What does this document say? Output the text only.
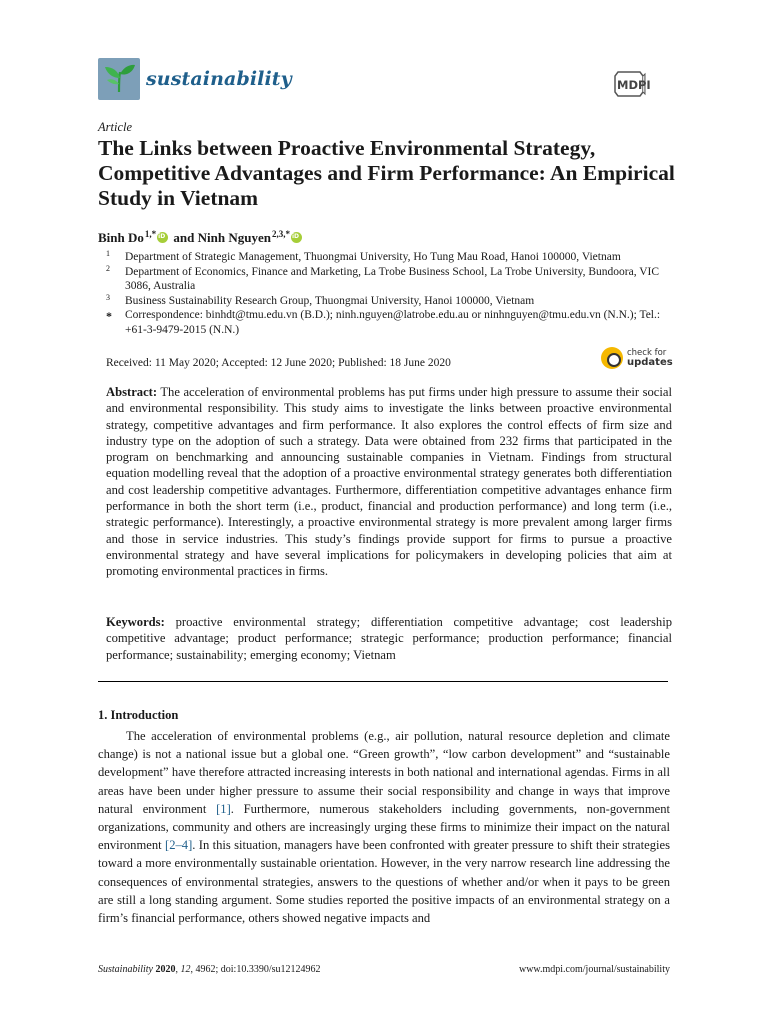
sustainability	MDPI
Article
The Links between Proactive Environmental Strategy, Competitive Advantages and Firm Performance: An Empirical Study in Vietnam
Binh $Do^{1,*}iD$ and Ninh Nguyen$^{2,3,*}$iD
1 Department of Strategic Management, Thuongmai University, Ho Tung Mau Road, Hanoi 100000, Vietnam
2 Department of Economics, Finance and Marketing, La Trobe Business School, La Trobe University, Bundoora, VIC 3086, Australia
3 Business Sustainability Research Group, Thuongmai University, Hanoi 100000, Vietnam
* Correspondence: binhdt@tmu.edu.vn (B.D.); ninh.nguyen@latrobe.edu.au or ninhnguyen@tmu.edu.vn (N.N.); Tel.: +61-3-9479-2015 (N.N.)
Received: 11 May 2020; Accepted: 12 June 2020; Published: 18 June 2020
check for
updates
Abstract: The acceleration of environmental problems has put firms under high pressure to assume their social and environmental responsibility. This study aims to investigate the links between proactive environmental strategy, competitive advantages and firm performance. It also explores the control effects of firm size and industry type on the adoption of such a strategy. Data were obtained from 232 firms that participated in the program on benchmarking and announcing sustainable companies in Vietnam. Findings from structural equation modelling reveal that the adoption of a proactive environmental strategy generates both differentiation and cost leadership competitive advantages. Furthermore, differentiation competitive advantages enhance firm performance in both the short term (i.e., product, financial and production performance) and long term (i.e., strategic performance). Interestingly, a proactive environmental strategy is more prevalent among larger firms and those in service industries. This study’s findings provide support for firms to pursue a proactive environmental strategy and have several implications for policymakers in developing policies that aim at promoting environmental practices in firms.
Keywords: proactive environmental strategy; differentiation competitive advantage; cost leadership competitive advantage; product performance; strategic performance; production performance; financial performance; sustainability; emerging economy; Vietnam
1. Introduction
The acceleration of environmental problems (e.g., air pollution, natural resource depletion and climate change) is not a national issue but a global one. “Green growth”, “low carbon development” and “sustainable development” have therefore attracted increasing interests in both national and international agendas. Firms in all areas have been under higher pressure to assume their social responsibility and change in ways that improve natural environment [1]. Furthermore, numerous stakeholders including governments, non-government organizations, community and others are increasingly urging these firms to minimize their impact on the natural environment [2–4]. In this situation, managers have been confronted with greater pressure to shift their strategies toward a more environmentally sustainable orientation. However, in the very narrow research line addressing the consequences of environmental strategies, answers to the questions of whether and/or when it pays to be green are still a long standing argument. Some studies reported the positive impacts of an environmental strategy on a firm’s financial performance, others showed negative impacts and
Sustainability 2020, 12, 4962; doi:10.3390/su12124962	www.mdpi.com/journal/sustainability
